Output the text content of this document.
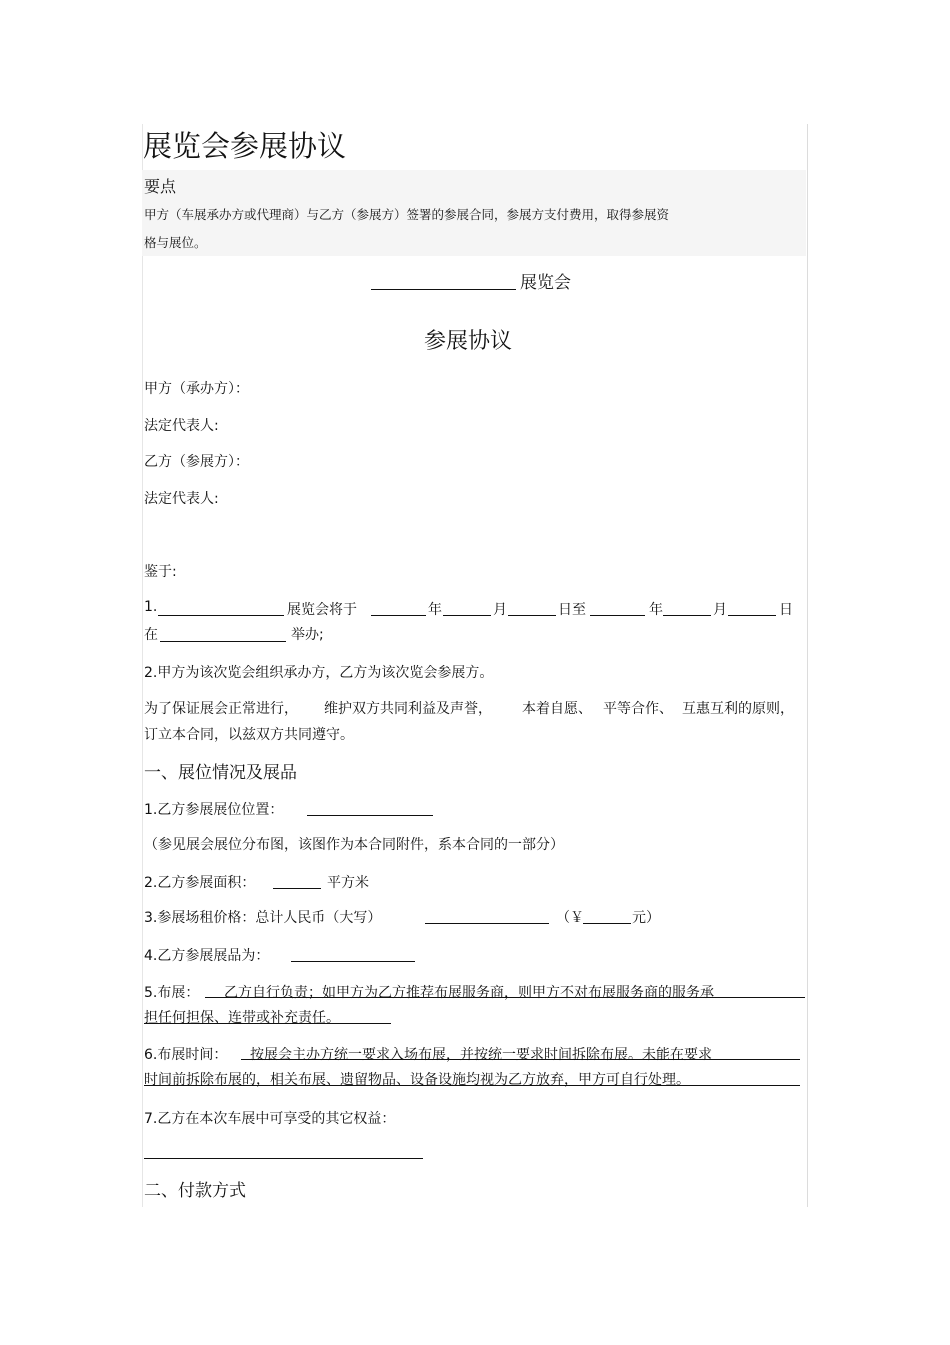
展览会参展协议
要点
甲方（车展承办方或代理商）与乙方（参展方）签署的参展合同，参展方支付费用，取得参展资
格与展位。
展览会
参展协议
甲方（承办方）：
法定代表人:
乙方（参展方）：
法定代表人:
鉴于:
1.	展览会将于	年	月	日至	年	月	日
在	举办;
2.甲方为该次览会组织承办方，乙方为该次览会参展方。
为了保证展会正常进行， 维护双方共同利益及声誉， 本着自愿、 平等合作、 互惠互利的原则，
订立本合同，以兹双方共同遵守。
一、展位情况及展品
1.乙方参展展位位置：
（参见展会展位分布图，该图作为本合同附件，系本合同的一部分）
2.乙方参展面积：	平方米
3.参展场租价格：总计人民币（大写）	（￥	元）
4.乙方参展展品为：
5.布展： 乙方自行负责；如甲方为乙方推荐布展服务商，则甲方不对布展服务商的服务承
担任何担保、连带或补充责任。
6.布展时间： 按展会主办方统一要求入场布展，并按统一要求时间拆除布展。未能在要求
时间前拆除布展的，相关布展、遗留物品、设备设施均视为乙方放弃，甲方可自行处理。
7.乙方在本次车展中可享受的其它权益：
二、付款方式
